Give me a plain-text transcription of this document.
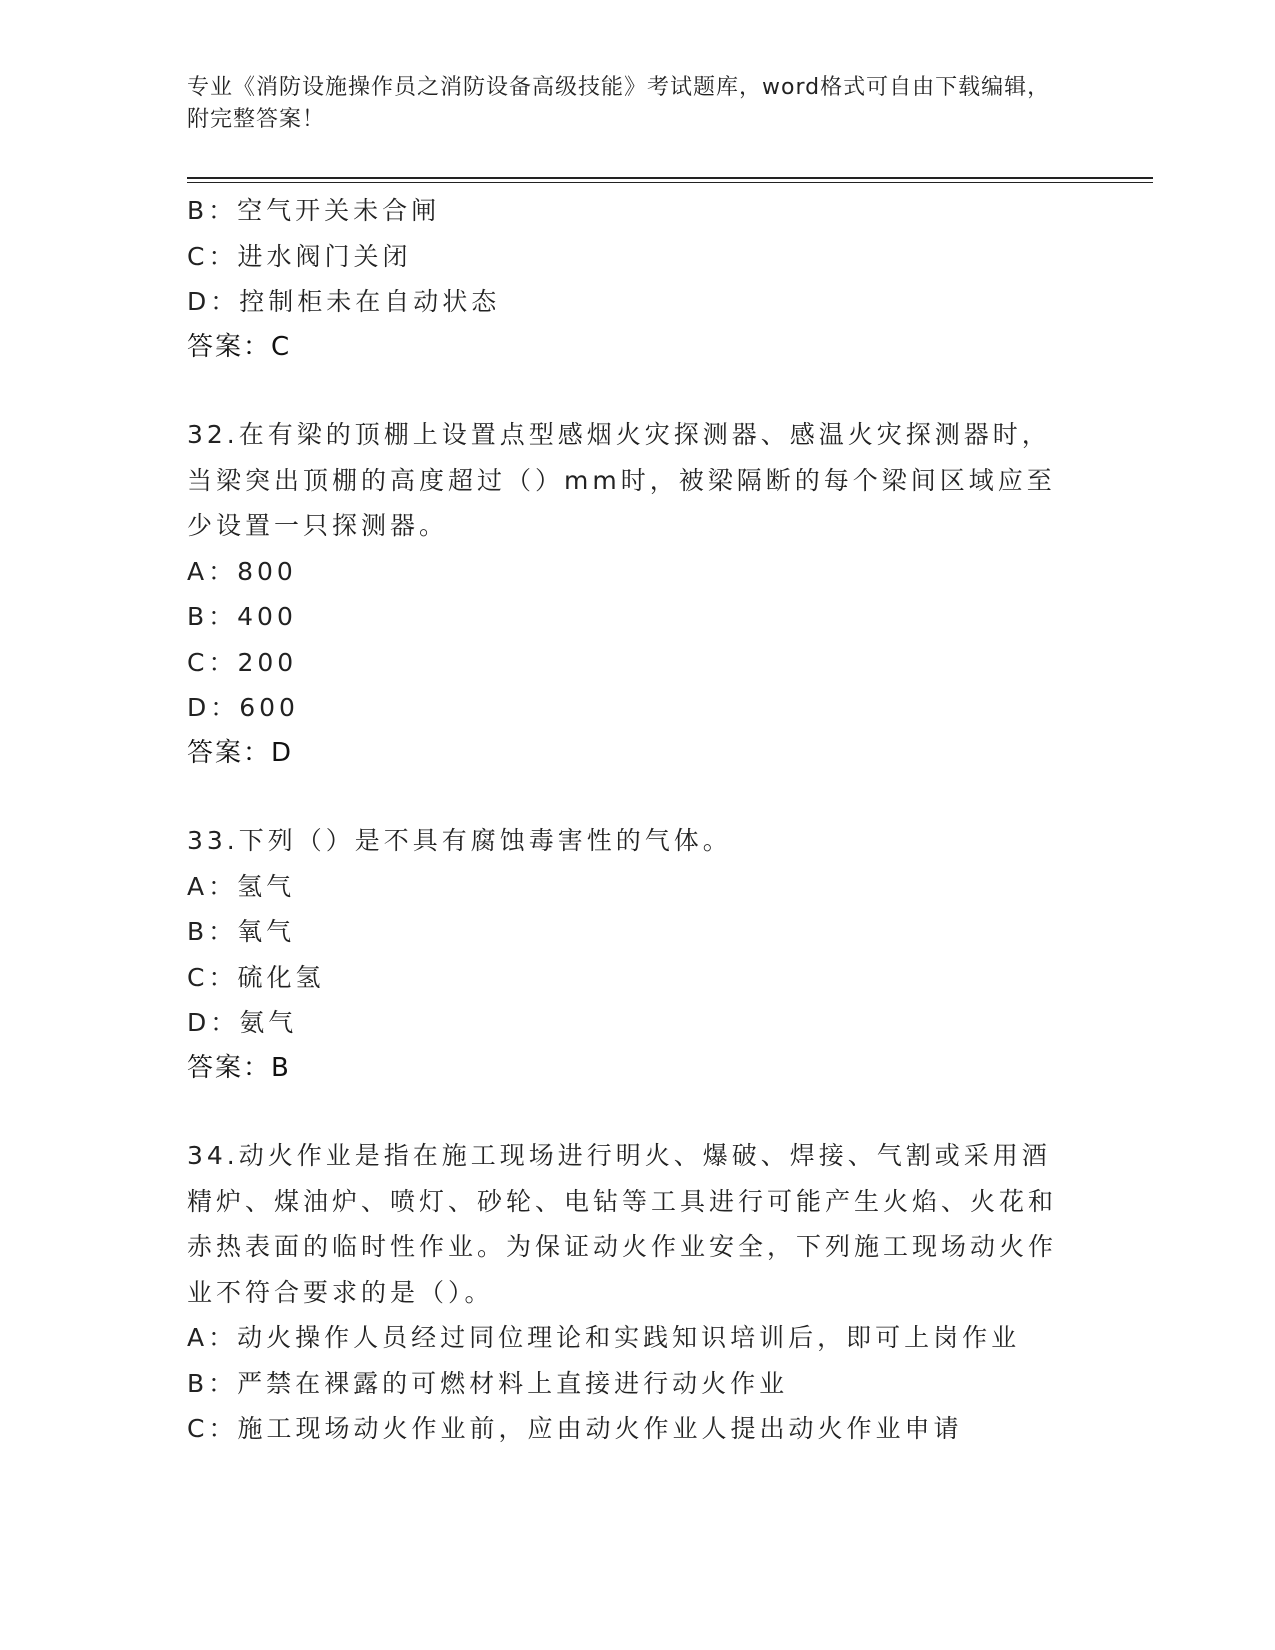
专业《消防设施操作员之消防设备高级技能》考试题库，word格式可自由下载编辑，附完整答案！

B：空气开关未合闸

C：进水阀门关闭

D：控制柜未在自动状态

答案：C

32.在有梁的顶棚上设置点型感烟火灾探测器、感温火灾探测器时，当梁突出顶棚的高度超过（）mm时，被梁隔断的每个梁间区域应至少设置一只探测器。

A：800

B：400

C：200

D：600

答案：D

33.下列（）是不具有腐蚀毒害性的气体。

A：氢气

B：氧气

C：硫化氢

D：氨气

答案：B

34.动火作业是指在施工现场进行明火、爆破、焊接、气割或采用酒精炉、煤油炉、喷灯、砂轮、电钻等工具进行可能产生火焰、火花和赤热表面的临时性作业。为保证动火作业安全，下列施工现场动火作业不符合要求的是（）。

A：动火操作人员经过同位理论和实践知识培训后，即可上岗作业

B：严禁在裸露的可燃材料上直接进行动火作业

C：施工现场动火作业前，应由动火作业人提出动火作业申请
